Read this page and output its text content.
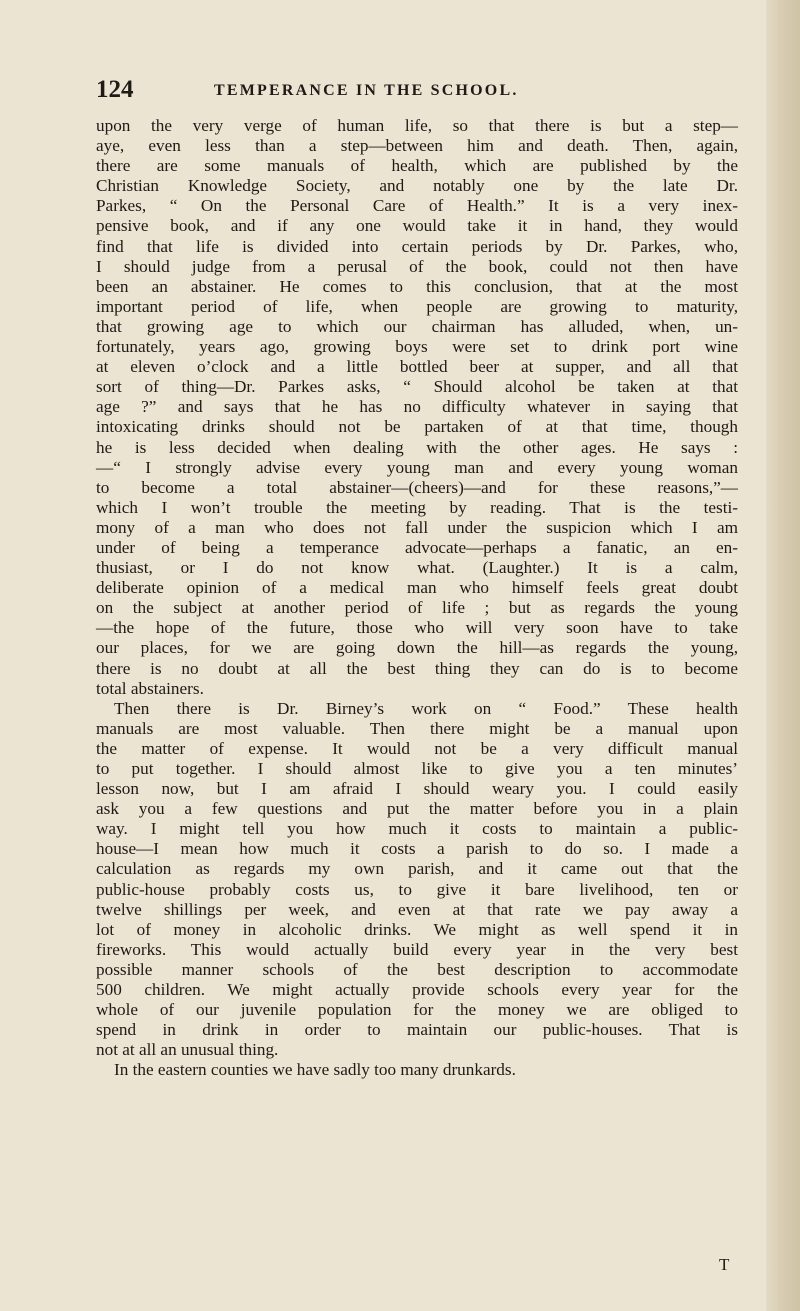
124	TEMPERANCE IN THE SCHOOL.
upon the very verge of human life, so that there is but a step—
aye, even less than a step—between him and death. Then, again,
there are some manuals of health, which are published by the
Christian Knowledge Society, and notably one by the late Dr.
Parkes, “ On the Personal Care of Health.” It is a very inex-
pensive book, and if any one would take it in hand, they would
find that life is divided into certain periods by Dr. Parkes, who,
I should judge from a perusal of the book, could not then have
been an abstainer. He comes to this conclusion, that at the most
important period of life, when people are growing to maturity,
that growing age to which our chairman has alluded, when, un-
fortunately, years ago, growing boys were set to drink port wine
at eleven o’clock and a little bottled beer at supper, and all that
sort of thing—Dr. Parkes asks, “ Should alcohol be taken at that
age ?” and says that he has no difficulty whatever in saying that
intoxicating drinks should not be partaken of at that time, though
he is less decided when dealing with the other ages. He says :
—“ I strongly advise every young man and every young woman
to become a total abstainer—(cheers)—and for these reasons,”—
which I won’t trouble the meeting by reading. That is the testi-
mony of a man who does not fall under the suspicion which I am
under of being a temperance advocate—perhaps a fanatic, an en-
thusiast, or I do not know what. (Laughter.) It is a calm,
deliberate opinion of a medical man who himself feels great doubt
on the subject at another period of life ; but as regards the young
—the hope of the future, those who will very soon have to take
our places, for we are going down the hill—as regards the young,
there is no doubt at all the best thing they can do is to become
total abstainers.
Then there is Dr. Birney’s work on “ Food.” These health
manuals are most valuable. Then there might be a manual upon
the matter of expense. It would not be a very difficult manual
to put together. I should almost like to give you a ten minutes’
lesson now, but I am afraid I should weary you. I could easily
ask you a few questions and put the matter before you in a plain
way. I might tell you how much it costs to maintain a public-
house—I mean how much it costs a parish to do so. I made a
calculation as regards my own parish, and it came out that the
public-house probably costs us, to give it bare livelihood, ten or
twelve shillings per week, and even at that rate we pay away a
lot of money in alcoholic drinks. We might as well spend it in
fireworks. This would actually build every year in the very best
possible manner schools of the best description to accommodate
500 children. We might actually provide schools every year for the
whole of our juvenile population for the money we are obliged to
spend in drink in order to maintain our public-houses. That is
not at all an unusual thing.
In the eastern counties we have sadly too many drunkards.
T
